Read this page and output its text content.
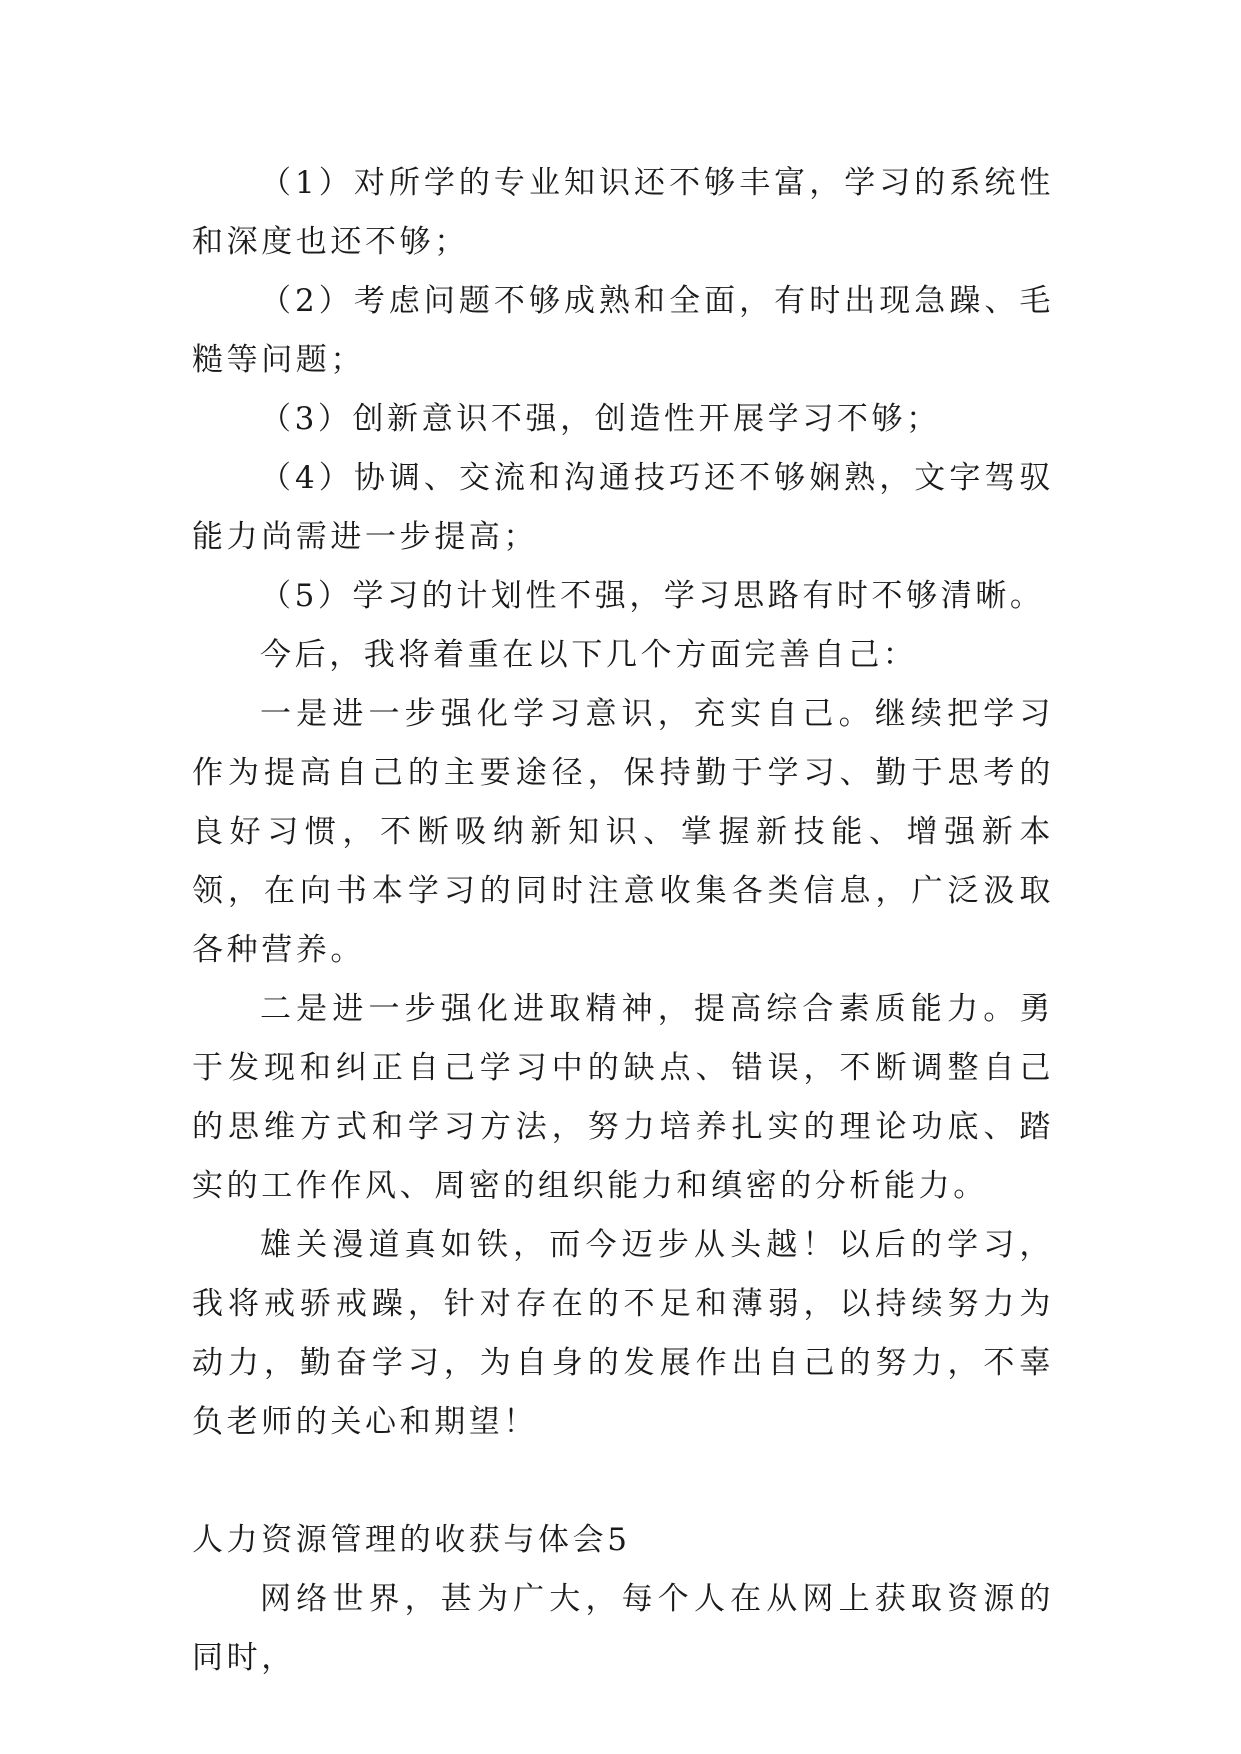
（1）对所学的专业知识还不够丰富，学习的系统性和深度也还不够；

（2）考虑问题不够成熟和全面，有时出现急躁、毛糙等问题；

（3）创新意识不强，创造性开展学习不够；

（4）协调、交流和沟通技巧还不够娴熟，文字驾驭能力尚需进一步提高；

（5）学习的计划性不强，学习思路有时不够清晰。

今后，我将着重在以下几个方面完善自己：

一是进一步强化学习意识，充实自己。继续把学习作为提高自己的主要途径，保持勤于学习、勤于思考的良好习惯，不断吸纳新知识、掌握新技能、增强新本领，在向书本学习的同时注意收集各类信息，广泛汲取各种营养。

二是进一步强化进取精神，提高综合素质能力。勇于发现和纠正自己学习中的缺点、错误，不断调整自己的思维方式和学习方法，努力培养扎实的理论功底、踏实的工作作风、周密的组织能力和缜密的分析能力。

雄关漫道真如铁，而今迈步从头越！以后的学习，我将戒骄戒躁，针对存在的不足和薄弱，以持续努力为动力，勤奋学习，为自身的发展作出自己的努力，不辜负老师的关心和期望！

人力资源管理的收获与体会5

网络世界，甚为广大，每个人在从网上获取资源的同时，
